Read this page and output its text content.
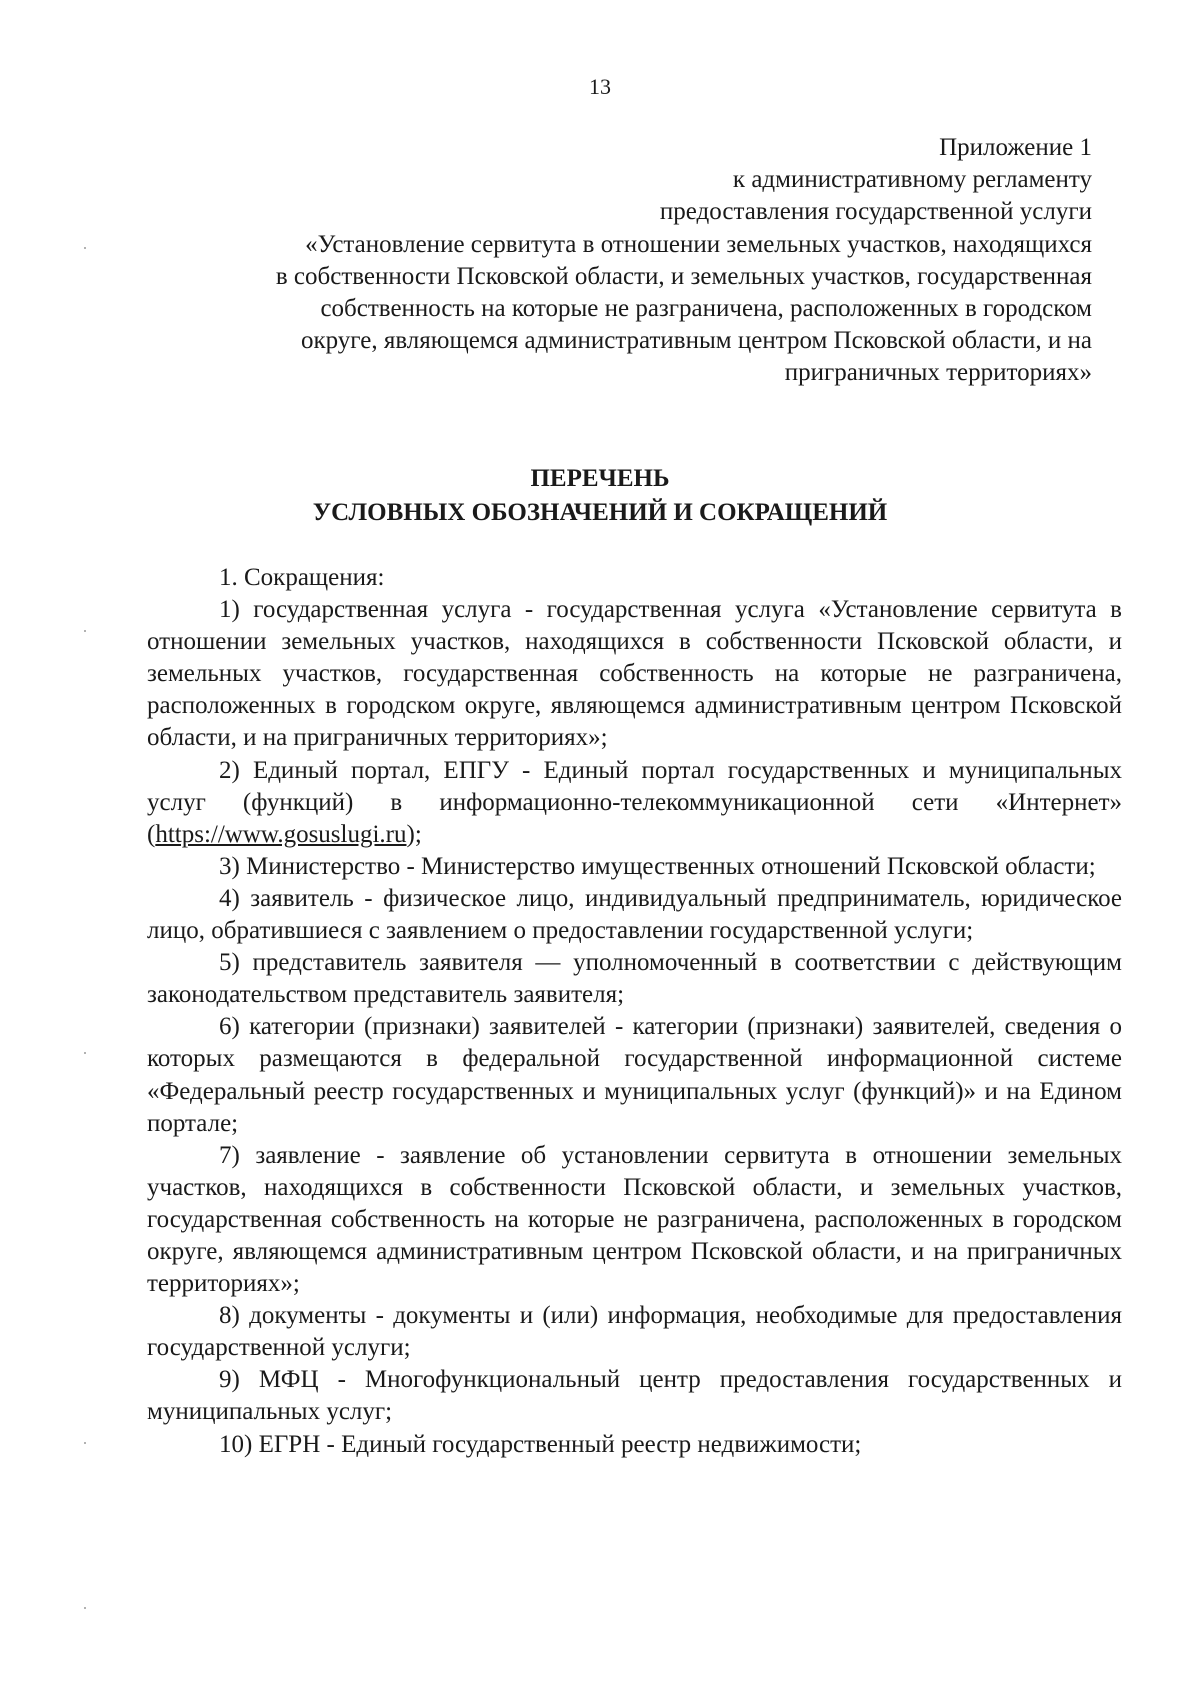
13
Приложение 1
к административному регламенту
предоставления государственной услуги
«Установление сервитута в отношении земельных участков, находящихся
в собственности Псковской области, и земельных участков, государственная
собственность на которые не разграничена, расположенных в городском
округе, являющемся административным центром Псковской области, и на
приграничных территориях»
ПЕРЕЧЕНЬ
УСЛОВНЫХ ОБОЗНАЧЕНИЙ И СОКРАЩЕНИЙ

1. Сокращения:

1) государственная услуга - государственная услуга «Установление сервитута в отношении земельных участков, находящихся в собственности Псковской области, и земельных участков, государственная собственность на которые не разграничена, расположенных в городском округе, являющемся административным центром Псковской области, и на приграничных территориях»;

2) Единый портал, ЕПГУ - Единый портал государственных и муниципальных услуг (функций) в информационно-телекоммуникационной сети «Интернет» (https://www.gosuslugi.ru);

3) Министерство - Министерство имущественных отношений Псковской области;

4) заявитель - физическое лицо, индивидуальный предприниматель, юридическое лицо, обратившиеся с заявлением о предоставлении государственной услуги;

5) представитель заявителя — уполномоченный в соответствии с действующим законодательством представитель заявителя;

6) категории (признаки) заявителей - категории (признаки) заявителей, сведения о которых размещаются в федеральной государственной информационной системе «Федеральный реестр государственных и муниципальных услуг (функций)» и на Едином портале;

7) заявление - заявление об установлении сервитута в отношении земельных участков, находящихся в собственности Псковской области, и земельных участков, государственная собственность на которые не разграничена, расположенных в городском округе, являющемся административным центром Псковской области, и на приграничных территориях»;

8) документы - документы и (или) информация, необходимые для предоставления государственной услуги;

9) МФЦ - Многофункциональный центр предоставления государственных и муниципальных услуг;

10) ЕГРН - Единый государственный реестр недвижимости;
